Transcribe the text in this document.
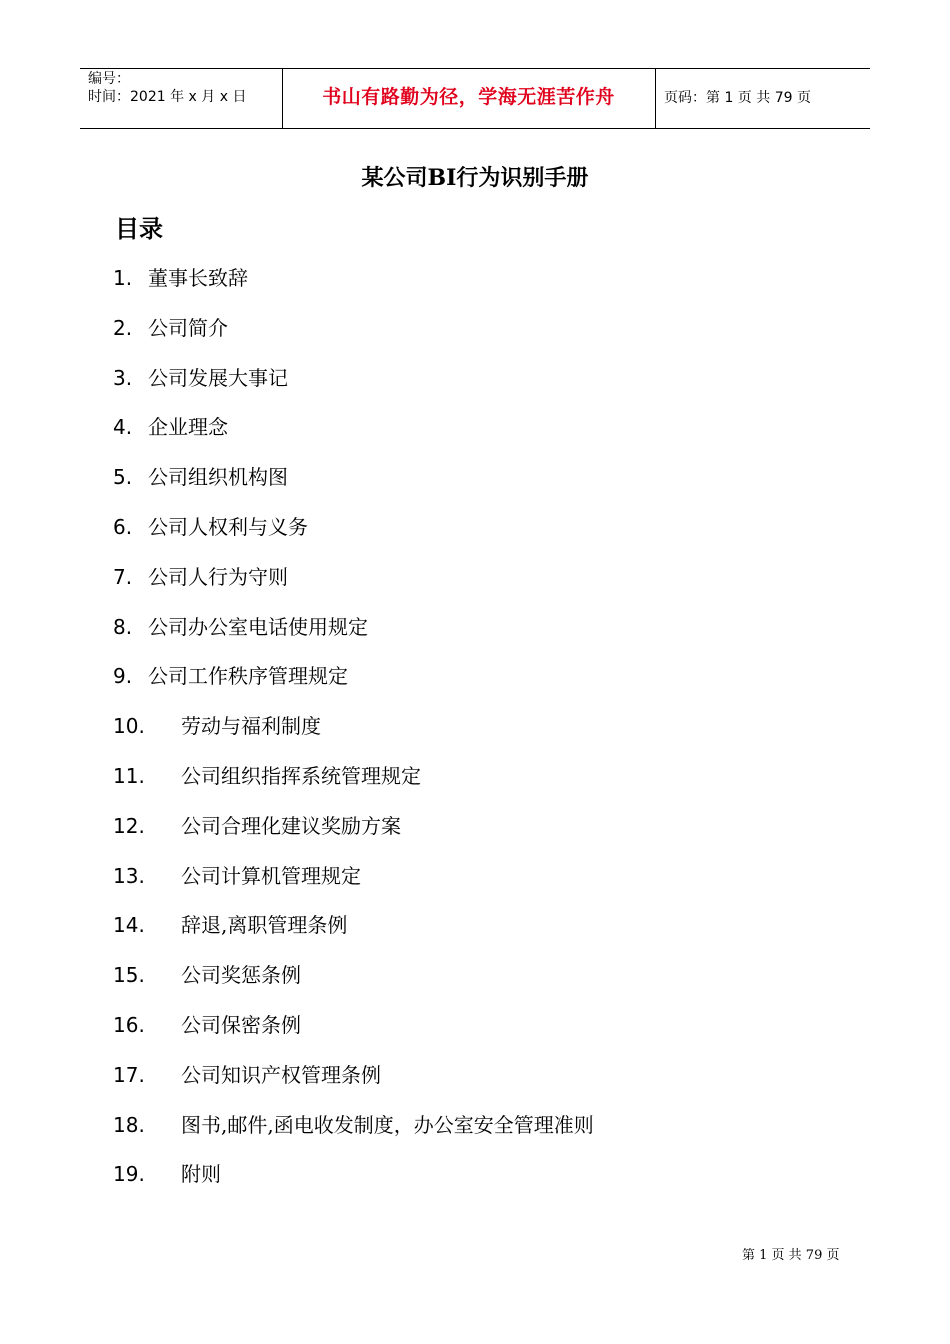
编号：
时间：2021 年 x 月 x 日	书山有路勤为径，学海无涯苦作舟	页码：第 1 页 共 79 页
某公司BI行为识别手册
目录
1. 董事长致辞
2. 公司简介
3. 公司发展大事记
4. 企业理念
5. 公司组织机构图
6. 公司人权利与义务
7. 公司人行为守则
8. 公司办公室电话使用规定
9. 公司工作秩序管理规定
10. 劳动与福利制度
11. 公司组织指挥系统管理规定
12. 公司合理化建议奖励方案
13. 公司计算机管理规定
14. 辞退,离职管理条例
15. 公司奖惩条例
16. 公司保密条例
17. 公司知识产权管理条例
18. 图书,邮件,函电收发制度，办公室安全管理准则
19. 附则
第 1 页 共 79 页
